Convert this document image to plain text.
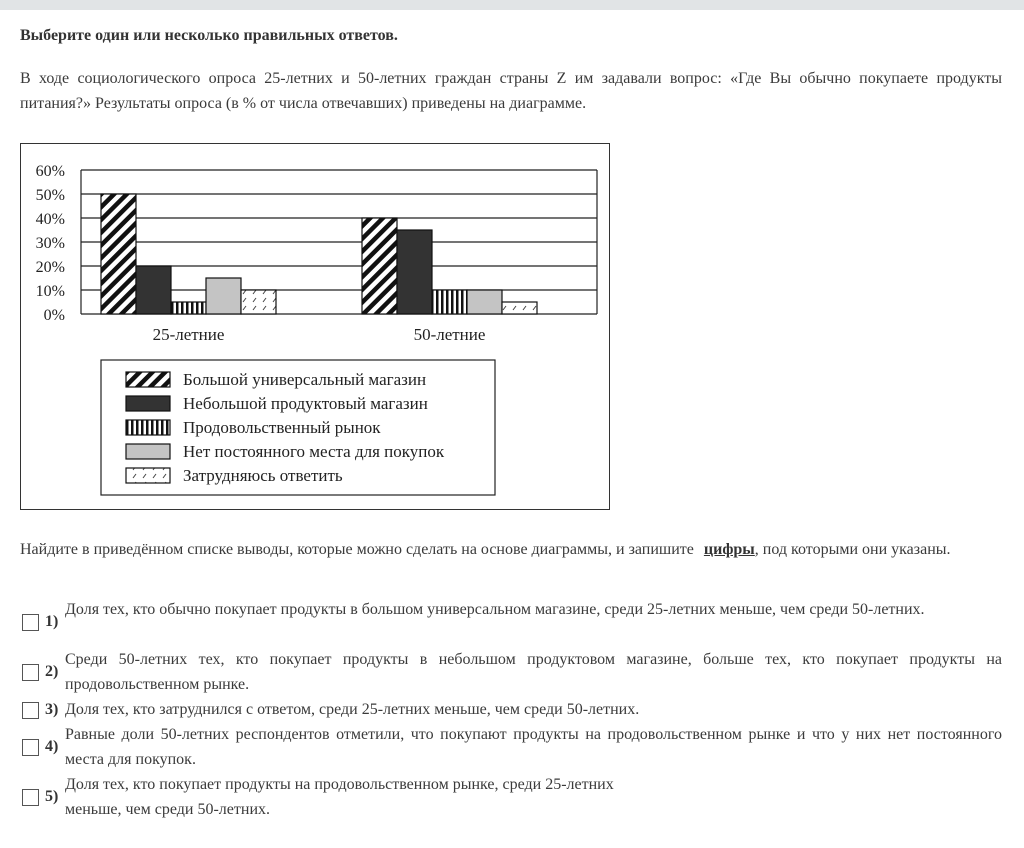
Выберите один или несколько правильных ответов.
В ходе социологического опроса 25-летних и 50-летних граждан страны Z им задавали вопрос: «Где Вы обычно покупаете продукты питания?» Результаты опроса (в % от числа отвечавших) приведены на диаграмме.
0%
10%
20%
30%
40%
50%
60%
25-летние	50-летние
Большой универсальный магазин
Небольшой продуктовый магазин
Продовольственный рынок
Нет постоянного места для покупок
Затрудняюсь ответить
Найдите в приведённом списке выводы, которые можно сделать на основе диаграммы, и запишите цифры, под которыми они указаны.
1)
Доля тех, кто обычно покупает продукты в большом универсальном магазине, среди 25-летних меньше, чем среди 50-летних.
2)
Среди 50-летних тех, кто покупает продукты в небольшом продуктовом магазине, больше тех, кто покупает продукты на продовольственном рынке.
3) Доля тех, кто затруднился с ответом, среди 25-летних меньше, чем среди 50-летних.
4)
Равные доли 50-летних респондентов отметили, что покупают продукты на продовольственном рынке и что у них нет постоянного места для покупок.
5)
Доля тех, кто покупает продукты на продовольственном рынке, среди 25-летних меньше, чем среди 50-летних.
